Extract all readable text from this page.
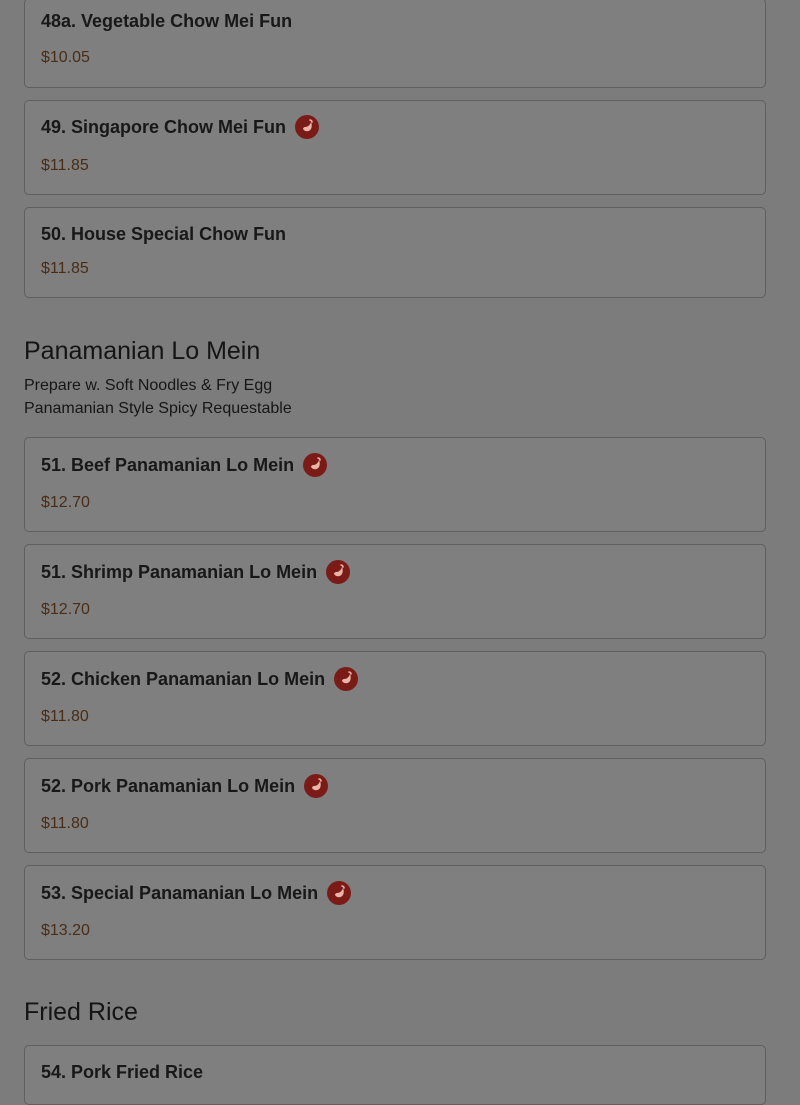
48a. Vegetable Chow Mei Fun
$10.05
49. Singapore Chow Mei Fun
$11.85
50. House Special Chow Fun
$11.85
Panamanian Lo Mein
Prepare w. Soft Noodles & Fry Egg
Panamanian Style Spicy Requestable
51. Beef Panamanian Lo Mein
$12.70
51. Shrimp Panamanian Lo Mein
$12.70
52. Chicken Panamanian Lo Mein
$11.80
52. Pork Panamanian Lo Mein
$11.80
53. Special Panamanian Lo Mein
$13.20
Fried Rice
54. Pork Fried Rice
